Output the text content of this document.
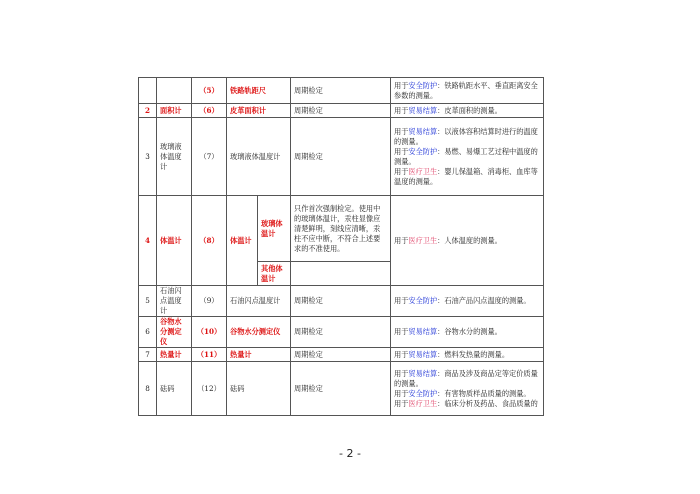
		（5）	铁路轨距尺		周期检定	用于安全防护：铁路轨距水平、垂直距离安全参数的测量。

2	面积计	（6）	皮革面积计		周期检定	用于贸易结算：皮革面积的测量。

3	玻璃液体温度计	（7）	玻璃液体温度计		周期检定	用于贸易结算：以液体容积结算时进行的温度的测量。

用于安全防护：易燃、易爆工艺过程中温度的测量。

用于医疗卫生：婴儿保温箱、消毒柜、血库等温度的测量。

4	体温计	（8）	体温计	玻璃体温计	只作首次强制检定。使用中的玻璃体温计，汞柱显像应清楚鲜明，刻线应清晰，汞柱不应中断，不符合上述要求的不准使用。	用于医疗卫生：人体温度的测量。

				其他体温计		
5	石油闪点温度计	（9）	石油闪点温度计		周期检定	用于安全防护：石油产品闪点温度的测量。

6	谷物水分测定仪	（10）	谷物水分测定仪		周期检定	用于贸易结算：谷物水分的测量。

7	热量计	（11）	热量计		周期检定	用于贸易结算：燃料发热量的测量。

8	砝码	（12）	砝码		周期检定	用于贸易结算：商品及涉及商品定等定价质量的测量。

用于安全防护：有害物质样品质量的测量。

用于医疗卫生：临床分析及药品、食品质量的

- 2 -
